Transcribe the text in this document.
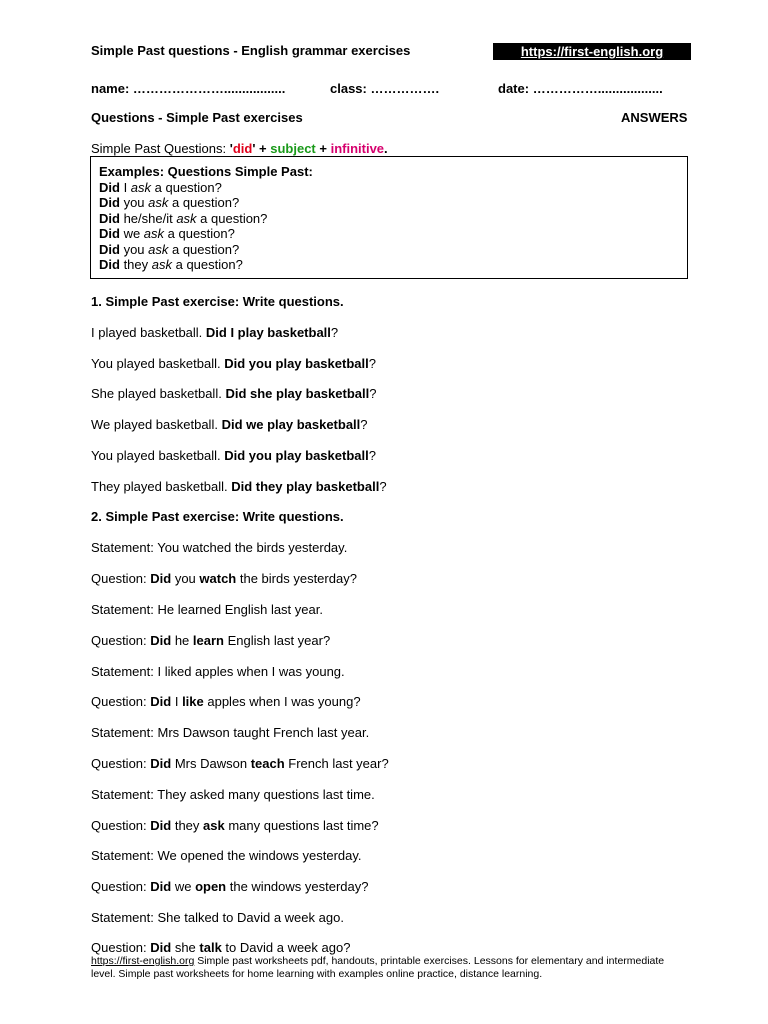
Simple Past questions - English grammar exercises	https://first-english.org
name: ………………….................	class: …………….	date: ……………..................
Questions - Simple Past exercises	ANSWERS
Simple Past Questions: 'did' + subject + infinitive.
Examples: Questions Simple Past:
Did I ask a question?
Did you ask a question?
Did he/she/it ask a question?
Did we ask a question?
Did you ask a question?
Did they ask a question?
1. Simple Past exercise: Write questions.
I played basketball. Did I play basketball?
You played basketball. Did you play basketball?
She played basketball. Did she play basketball?
We played basketball. Did we play basketball?
You played basketball. Did you play basketball?
They played basketball. Did they play basketball?
2. Simple Past exercise: Write questions.
Statement: You watched the birds yesterday.
Question: Did you watch the birds yesterday?
Statement: He learned English last year.
Question: Did he learn English last year?
Statement: I liked apples when I was young.
Question: Did I like apples when I was young?
Statement: Mrs Dawson taught French last year.
Question: Did Mrs Dawson teach French last year?
Statement: They asked many questions last time.
Question: Did they ask many questions last time?
Statement: We opened the windows yesterday.
Question: Did we open the windows yesterday?
Statement: She talked to David a week ago.
Question: Did she talk to David a week ago?
https://first-english.org Simple past worksheets pdf, handouts, printable exercises. Lessons for elementary and intermediate level. Simple past worksheets for home learning with examples online practice, distance learning.
